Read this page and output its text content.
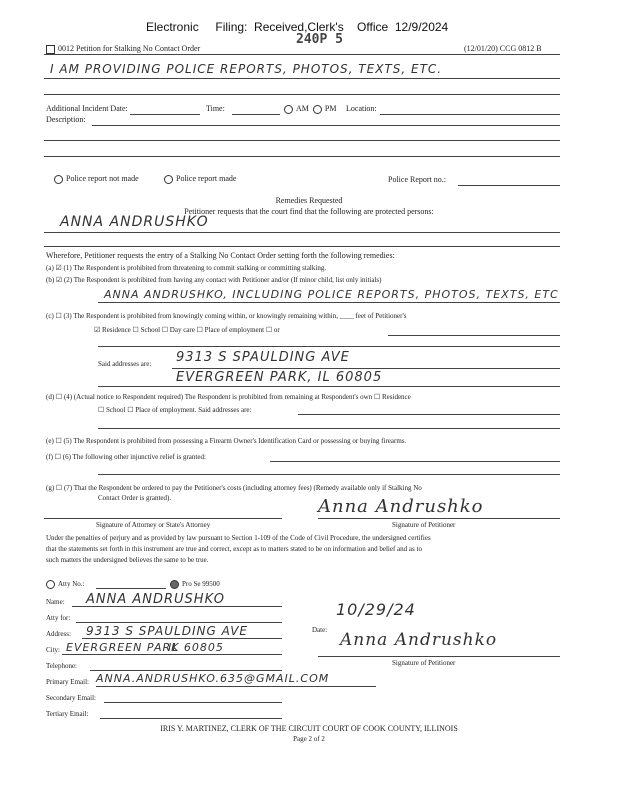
Electronic Filing: Received,Clerk's Office 12/9/2024
240P 5
0012 Petition for Stalking No Contact Order	(12/01/20) CCG 0812 B
I AM PROVIDING POLICE REPORTS, PHOTOS, TEXTS, ETC.
Additional Incident Date:	Time:	AM PM Location:
Description:
Police report not made	Police report made	Police Report no.:
Remedies Requested
Petitioner requests that the court find that the following are protected persons:
ANNA ANDRUSHKO
Wherefore, Petitioner requests the entry of a Stalking No Contact Order setting forth the following remedies:
(a) ☑ (1) The Respondent is prohibited from threatening to commit stalking or committing stalking.
(b) ☑ (2) The Respondent is prohibited from having any contact with Petitioner and/or (If minor child, list only initials)
ANNA ANDRUSHKO, INCLUDING POLICE REPORTS, PHOTOS, TEXTS, ETC
(c) ☐ (3) The Respondent is prohibited from knowingly coming within, or knowingly remaining within, ____ feet of Petitioner's
☑ Residence ☐ School ☐ Day care ☐ Place of employment ☐ or
9313 S SPAULDING AVE
Said addresses are:
EVERGREEN PARK, IL 60805
(d) ☐ (4) (Actual notice to Respondent required) The Respondent is prohibited from remaining at Respondent's own ☐ Residence
☐ School ☐ Place of employment. Said addresses are:
(e) ☐ (5) The Respondent is prohibited from possessing a Firearm Owner's Identification Card or possessing or buying firearms.
(f) ☐ (6) The following other injunctive relief is granted:
(g) ☐ (7) That the Respondent be ordered to pay the Petitioner's costs (including attorney fees) (Remedy available only if Stalking No
Contact Order is granted).	Anna Andrushko
Signature of Attorney or State's Attorney	Signature of Petitioner
Under the penalties of perjury and as provided by law pursuant to Section 1-109 of the Code of Civil Procedure, the undersigned certifies
that the statements set forth in this instrument are true and correct, except as to matters stated to be on information and belief and as to
such matters the undersigned believes the same to be true.
Atty No.:	Pro Se 99500
Name: ANNA ANDRUSHKO
Atty for:
Address: 9313 S SPAULDING AVE
City: EVERGREEN PARK
IL 60805
Date:
10/29/24
Anna Andrushko
Signature of Petitioner
Telephone:
Primary Email: ANNA.ANDRUSHKO.635@GMAIL.COM
Secondary Email:
Tertiary Email:
IRIS Y. MARTINEZ, CLERK OF THE CIRCUIT COURT OF COOK COUNTY, ILLINOIS
Page 2 of 2
